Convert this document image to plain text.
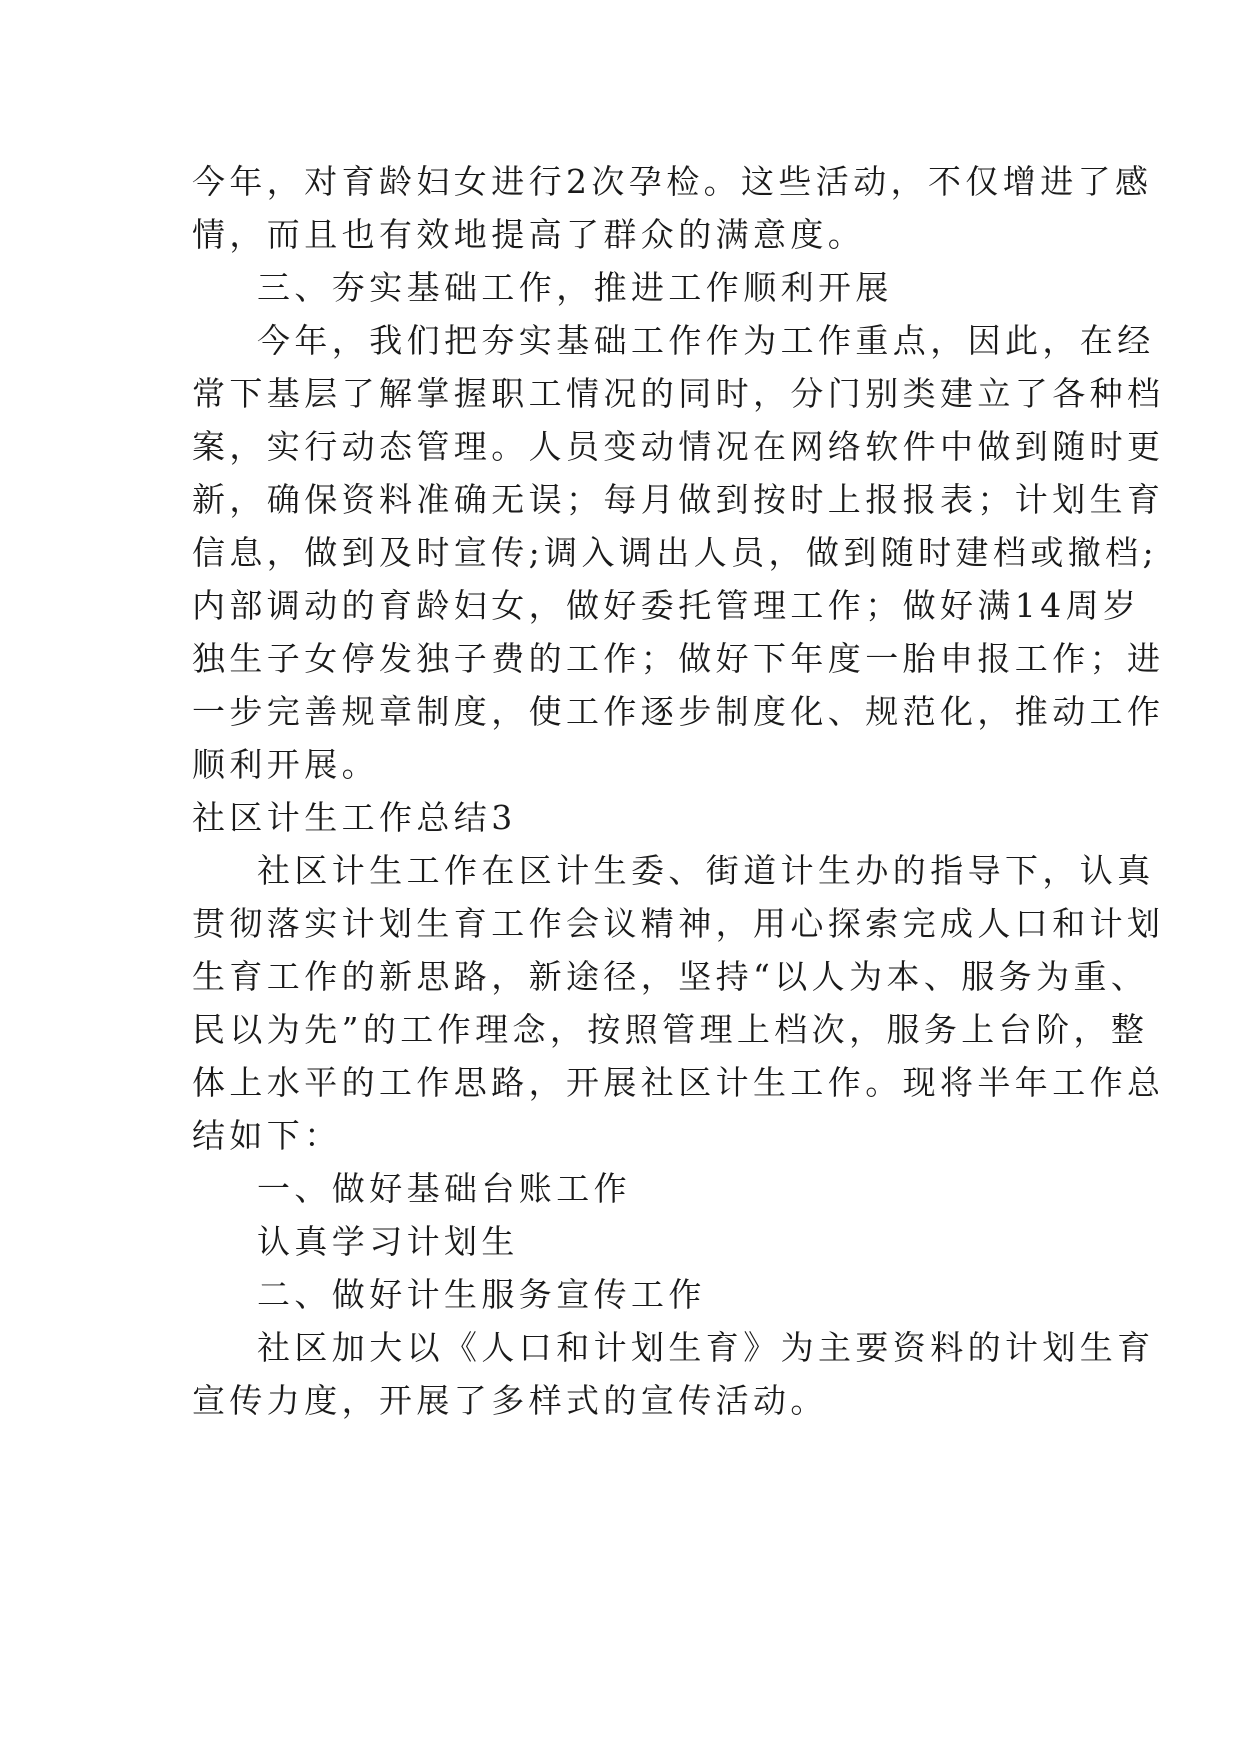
今年，对育龄妇女进行2次孕检。这些活动，不仅增进了感
情，而且也有效地提高了群众的满意度。
三、夯实基础工作，推进工作顺利开展
今年，我们把夯实基础工作作为工作重点，因此，在经
常下基层了解掌握职工情况的同时，分门别类建立了各种档
案，实行动态管理。人员变动情况在网络软件中做到随时更
新，确保资料准确无误；每月做到按时上报报表；计划生育
信息，做到及时宣传;调入调出人员，做到随时建档或撤档;
内部调动的育龄妇女，做好委托管理工作；做好满14周岁
独生子女停发独子费的工作；做好下年度一胎申报工作；进
一步完善规章制度，使工作逐步制度化、规范化，推动工作
顺利开展。
社区计生工作总结3
社区计生工作在区计生委、街道计生办的指导下，认真
贯彻落实计划生育工作会议精神，用心探索完成人口和计划
生育工作的新思路，新途径，坚持“以人为本、服务为重、
民以为先”的工作理念，按照管理上档次，服务上台阶，整
体上水平的工作思路，开展社区计生工作。现将半年工作总
结如下：
一、做好基础台账工作
认真学习计划生
二、做好计生服务宣传工作
社区加大以《人口和计划生育》为主要资料的计划生育
宣传力度，开展了多样式的宣传活动。
